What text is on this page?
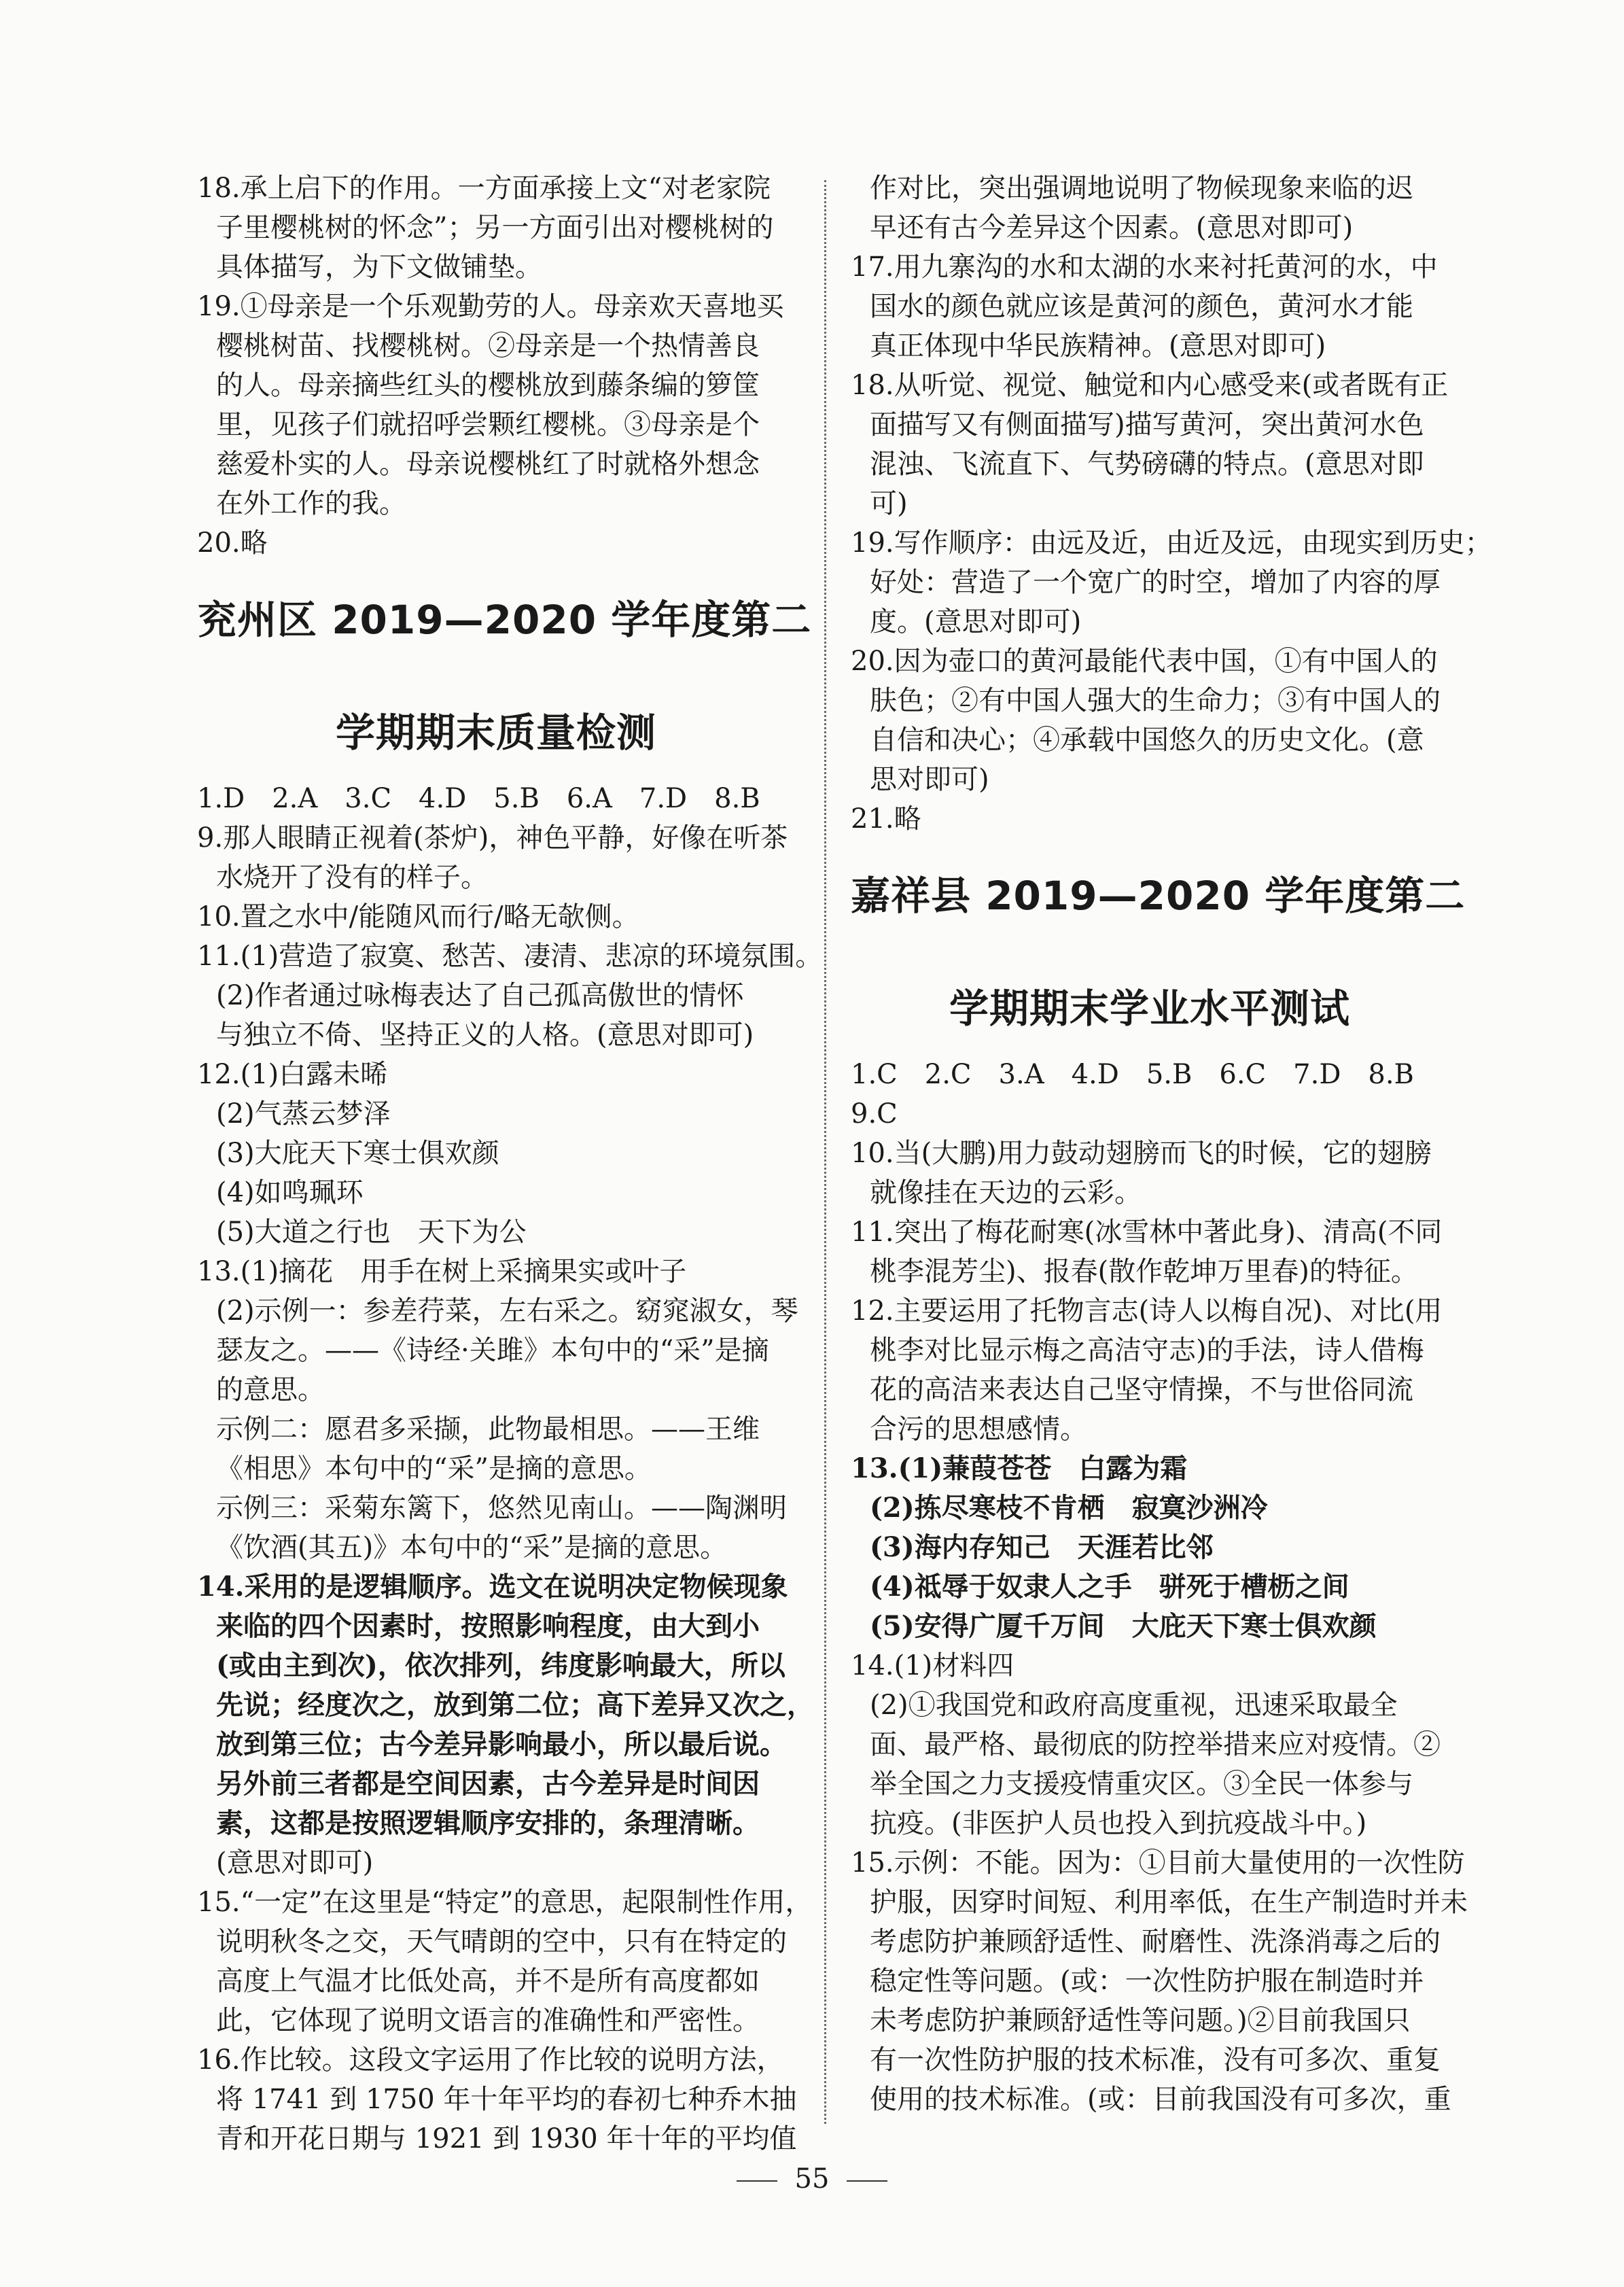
18.承上启下的作用。一方面承接上文“对老家院
子里樱桃树的怀念”；另一方面引出对樱桃树的
具体描写，为下文做铺垫。
19.①母亲是一个乐观勤劳的人。母亲欢天喜地买
樱桃树苗、找樱桃树。②母亲是一个热情善良
的人。母亲摘些红头的樱桃放到藤条编的箩筐
里，见孩子们就招呼尝颗红樱桃。③母亲是个
慈爱朴实的人。母亲说樱桃红了时就格外想念
在外工作的我。
20.略
兖州区 2019—2020 学年度第二
学期期末质量检测
1.D　2.A　3.C　4.D　5.B　6.A　7.D　8.B
9.那人眼睛正视着(茶炉)，神色平静，好像在听茶
水烧开了没有的样子。
10.置之水中/能随风而行/略无欹侧。
11.(1)营造了寂寞、愁苦、凄清、悲凉的环境氛围。
(2)作者通过咏梅表达了自己孤高傲世的情怀
与独立不倚、坚持正义的人格。(意思对即可)
12.(1)白露未晞
(2)气蒸云梦泽
(3)大庇天下寒士俱欢颜
(4)如鸣珮环
(5)大道之行也　天下为公
13.(1)摘花　用手在树上采摘果实或叶子
(2)示例一：参差荇菜，左右采之。窈窕淑女，琴
瑟友之。——《诗经·关雎》本句中的“采”是摘
的意思。
示例二：愿君多采撷，此物最相思。——王维
《相思》本句中的“采”是摘的意思。
示例三：采菊东篱下，悠然见南山。——陶渊明
《饮酒(其五)》本句中的“采”是摘的意思。
14.采用的是逻辑顺序。选文在说明决定物候现象
来临的四个因素时，按照影响程度，由大到小
(或由主到次)，依次排列，纬度影响最大，所以
先说；经度次之，放到第二位；高下差异又次之，
放到第三位；古今差异影响最小，所以最后说。
另外前三者都是空间因素，古今差异是时间因
素，这都是按照逻辑顺序安排的，条理清晰。
(意思对即可)
15.“一定”在这里是“特定”的意思，起限制性作用，
说明秋冬之交，天气晴朗的空中，只有在特定的
高度上气温才比低处高，并不是所有高度都如
此，它体现了说明文语言的准确性和严密性。
16.作比较。这段文字运用了作比较的说明方法，
将 1741 到 1750 年十年平均的春初七种乔木抽
青和开花日期与 1921 到 1930 年十年的平均值
作对比，突出强调地说明了物候现象来临的迟
早还有古今差异这个因素。(意思对即可)
17.用九寨沟的水和太湖的水来衬托黄河的水，中
国水的颜色就应该是黄河的颜色，黄河水才能
真正体现中华民族精神。(意思对即可)
18.从听觉、视觉、触觉和内心感受来(或者既有正
面描写又有侧面描写)描写黄河，突出黄河水色
混浊、飞流直下、气势磅礴的特点。(意思对即
可)
19.写作顺序：由远及近，由近及远，由现实到历史；
好处：营造了一个宽广的时空，增加了内容的厚
度。(意思对即可)
20.因为壶口的黄河最能代表中国，①有中国人的
肤色；②有中国人强大的生命力；③有中国人的
自信和决心；④承载中国悠久的历史文化。(意
思对即可)
21.略
嘉祥县 2019—2020 学年度第二
学期期末学业水平测试
1.C　2.C　3.A　4.D　5.B　6.C　7.D　8.B
9.C
10.当(大鹏)用力鼓动翅膀而飞的时候，它的翅膀
就像挂在天边的云彩。
11.突出了梅花耐寒(冰雪林中著此身)、清高(不同
桃李混芳尘)、报春(散作乾坤万里春)的特征。
12.主要运用了托物言志(诗人以梅自况)、对比(用
桃李对比显示梅之高洁守志)的手法，诗人借梅
花的高洁来表达自己坚守情操，不与世俗同流
合污的思想感情。
13.(1)蒹葭苍苍　白露为霜
(2)拣尽寒枝不肯栖　寂寞沙洲冷
(3)海内存知己　天涯若比邻
(4)祗辱于奴隶人之手　骈死于槽枥之间
(5)安得广厦千万间　大庇天下寒士俱欢颜
14.(1)材料四
(2)①我国党和政府高度重视，迅速采取最全
面、最严格、最彻底的防控举措来应对疫情。②
举全国之力支援疫情重灾区。③全民一体参与
抗疫。(非医护人员也投入到抗疫战斗中。)
15.示例：不能。因为：①目前大量使用的一次性防
护服，因穿时间短、利用率低，在生产制造时并未
考虑防护兼顾舒适性、耐磨性、洗涤消毒之后的
稳定性等问题。(或：一次性防护服在制造时并
未考虑防护兼顾舒适性等问题。)②目前我国只
有一次性防护服的技术标准，没有可多次、重复
使用的技术标准。(或：目前我国没有可多次，重
55
